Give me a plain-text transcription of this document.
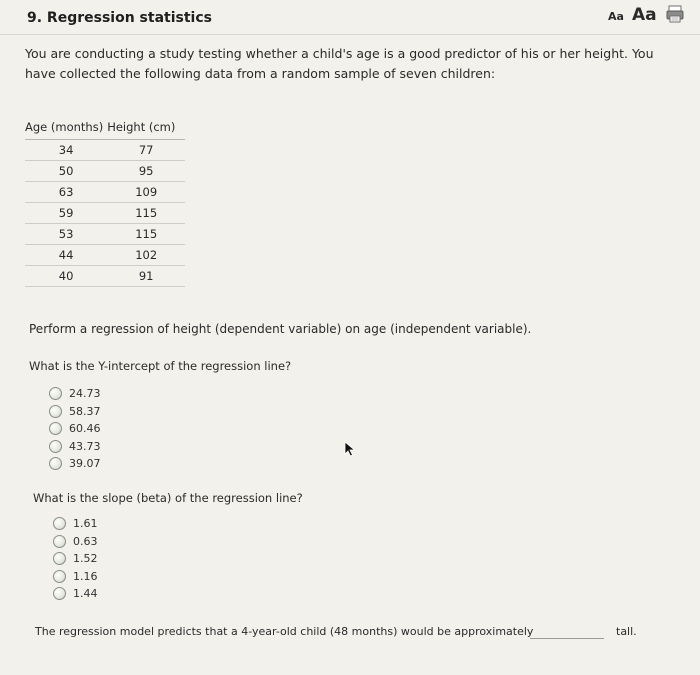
9. Regression statistics	Aa Aa
You are conducting a study testing whether a child's age is a good predictor of his or her height. You have collected the following data from a random sample of seven children:
Age (months)	Height (cm)
34	77
50	95
63	109
59	115
53	115
44	102
40	91
Perform a regression of height (dependent variable) on age (independent variable).
What is the Y-intercept of the regression line?
24.73
58.37
60.46
43.73
39.07
What is the slope (beta) of the regression line?
1.61
0.63
1.52
1.16
1.44
The regression model predicts that a 4-year-old child (48 months) would be approximately	tall.
